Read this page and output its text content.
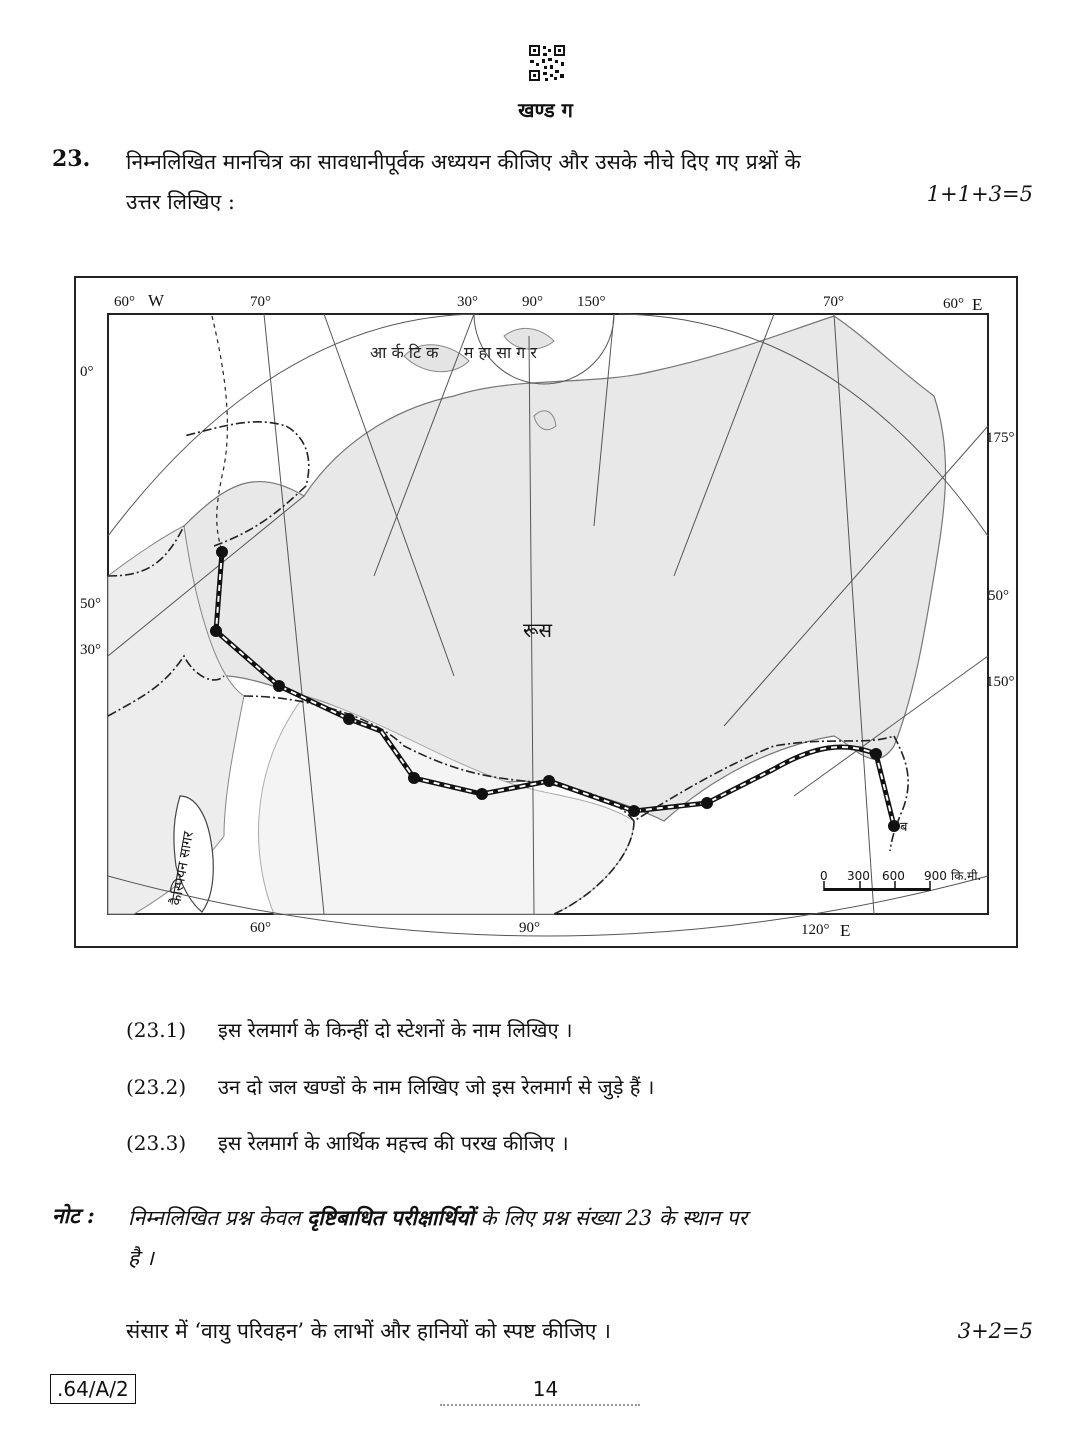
खण्ड ग
23. निम्नलिखित मानचित्र का सावधानीपूर्वक अध्ययन कीजिए और उसके नीचे दिए गए प्रश्नों के
उत्तर लिखिए :	1+1+3=5
60° W	70°	30°	90° 150°	70°	60° E
0°
50°
30°
175°
50°
150°
60°	90°	120° E
आ र्क टि क     म हा सा ग र
रूस
कैस्पियन सागर
ब
0 300 600 900 कि.मी.
(23.1) इस रेलमार्ग के किन्हीं दो स्टेशनों के नाम लिखिए ।
(23.2) उन दो जल खण्डों के नाम लिखिए जो इस रेलमार्ग से जुड़े हैं ।
(23.3) इस रेलमार्ग के आर्थिक महत्त्व की परख कीजिए ।
नोट : निम्नलिखित प्रश्न केवल दृष्टिबाधित परीक्षार्थियों के लिए प्रश्न संख्या 23 के स्थान पर
है ।
संसार में ‘वायु परिवहन’ के लाभों और हानियों को स्पष्ट कीजिए ।	3+2=5
.64/A/2	14
